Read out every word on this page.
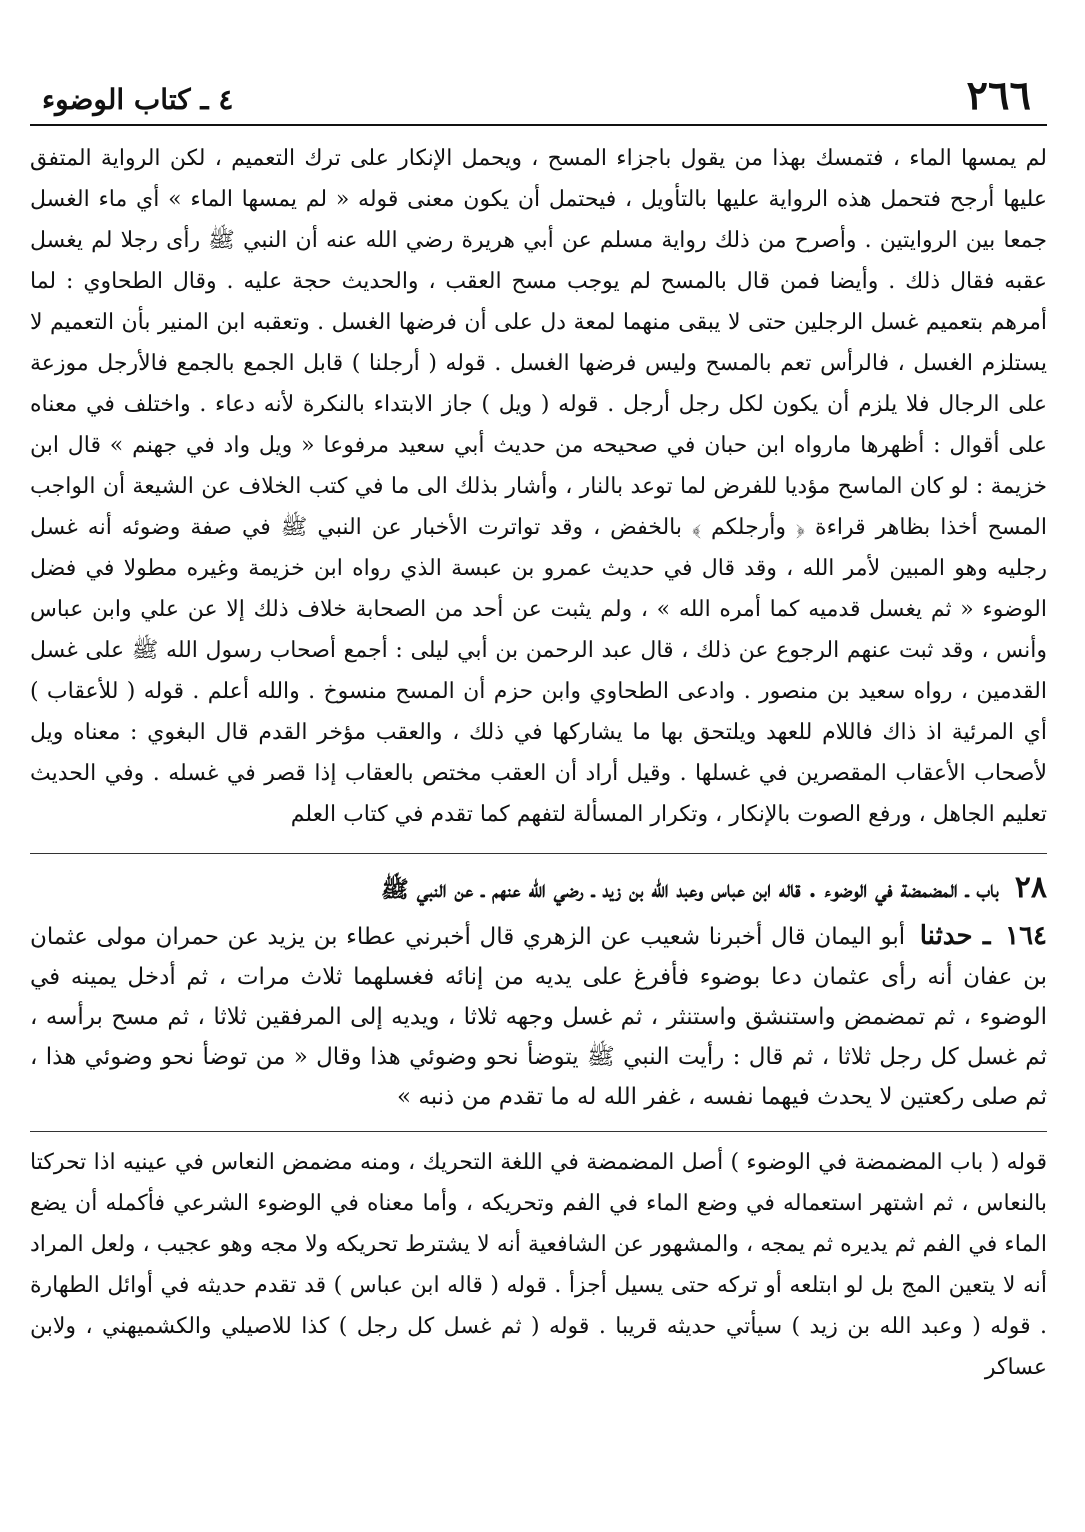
٢٦٦
٤ ـ كتاب الوضوء

لم يمسها الماء ، فتمسك بهذا من يقول باجزاء المسح ، ويحمل الإنكار على ترك التعميم ، لكن الرواية المتفق عليها أرجح فتحمل هذه الرواية عليها بالتأويل ، فيحتمل أن يكون معنى قوله « لم يمسها الماء » أي ماء الغسل جمعا بين الروايتين . وأصرح من ذلك رواية مسلم عن أبي هريرة رضي الله عنه أن النبي ﷺ رأى رجلا لم يغسل عقبه فقال ذلك . وأيضا فمن قال بالمسح لم يوجب مسح العقب ، والحديث حجة عليه . وقال الطحاوي : لما أمرهم بتعميم غسل الرجلين حتى لا يبقى منهما لمعة دل على أن فرضها الغسل . وتعقبه ابن المنير بأن التعميم لا يستلزم الغسل ، فالرأس تعم بالمسح وليس فرضها الغسل . قوله ( أرجلنا ) قابل الجمع بالجمع فالأرجل موزعة على الرجال فلا يلزم أن يكون لكل رجل أرجل . قوله ( ويل ) جاز الابتداء بالنكرة لأنه دعاء . واختلف في معناه على أقوال : أظهرها مارواه ابن حبان في صحيحه من حديث أبي سعيد مرفوعا « ويل واد في جهنم » قال ابن خزيمة : لو كان الماسح مؤديا للفرض لما توعد بالنار ، وأشار بذلك الى ما في كتب الخلاف عن الشيعة أن الواجب المسح أخذا بظاهر قراءة ﴿ وأرجلكم ﴾ بالخفض ، وقد تواترت الأخبار عن النبي ﷺ في صفة وضوئه أنه غسل رجليه وهو المبين لأمر الله ، وقد قال في حديث عمرو بن عبسة الذي رواه ابن خزيمة وغيره مطولا في فضل الوضوء « ثم يغسل قدميه كما أمره الله » ، ولم يثبت عن أحد من الصحابة خلاف ذلك إلا عن علي وابن عباس وأنس ، وقد ثبت عنهم الرجوع عن ذلك ، قال عبد الرحمن بن أبي ليلى : أجمع أصحاب رسول الله ﷺ على غسل القدمين ، رواه سعيد بن منصور . وادعى الطحاوي وابن حزم أن المسح منسوخ . والله أعلم . قوله ( للأعقاب ) أي المرئية اذ ذاك فاللام للعهد ويلتحق بها ما يشاركها في ذلك ، والعقب مؤخر القدم قال البغوي : معناه ويل لأصحاب الأعقاب المقصرين في غسلها . وقيل أراد أن العقب مختص بالعقاب إذا قصر في غسله . وفي الحديث تعليم الجاهل ، ورفع الصوت بالإنكار ، وتكرار المسألة لتفهم كما تقدم في كتاب العلم

٢٨ باب ـ المضمضة في الوضوء . قاله ابن عباس وعبد الله بن زيد ـ رضي الله عنهم ـ عن النبي ﷺ
١٦٤ ـ حدثنا أبو اليمان قال أخبرنا شعيب عن الزهري قال أخبرني عطاء بن يزيد عن حمران مولى عثمان بن عفان أنه رأى عثمان دعا بوضوء فأفرغ على يديه من إنائه فغسلهما ثلاث مرات ، ثم أدخل يمينه في الوضوء ، ثم تمضمض واستنشق واستنثر ، ثم غسل وجهه ثلاثا ، ويديه إلى المرفقين ثلاثا ، ثم مسح برأسه ، ثم غسل كل رجل ثلاثا ، ثم قال : رأيت النبي ﷺ يتوضأ نحو وضوئي هذا وقال « من توضأ نحو وضوئي هذا ، ثم صلى ركعتين لا يحدث فيهما نفسه ، غفر الله له ما تقدم من ذنبه »

قوله ( باب المضمضة في الوضوء ) أصل المضمضة في اللغة التحريك ، ومنه مضمض النعاس في عينيه اذا تحركتا بالنعاس ، ثم اشتهر استعماله في وضع الماء في الفم وتحريكه ، وأما معناه في الوضوء الشرعي فأكمله أن يضع الماء في الفم ثم يديره ثم يمجه ، والمشهور عن الشافعية أنه لا يشترط تحريكه ولا مجه وهو عجيب ، ولعل المراد أنه لا يتعين المج بل لو ابتلعه أو تركه حتى يسيل أجزأ . قوله ( قاله ابن عباس ) قد تقدم حديثه في أوائل الطهارة . قوله ( وعبد الله بن زيد ) سيأتي حديثه قريبا . قوله ( ثم غسل كل رجل ) كذا للاصيلي والكشميهني ، ولابن عساكر
